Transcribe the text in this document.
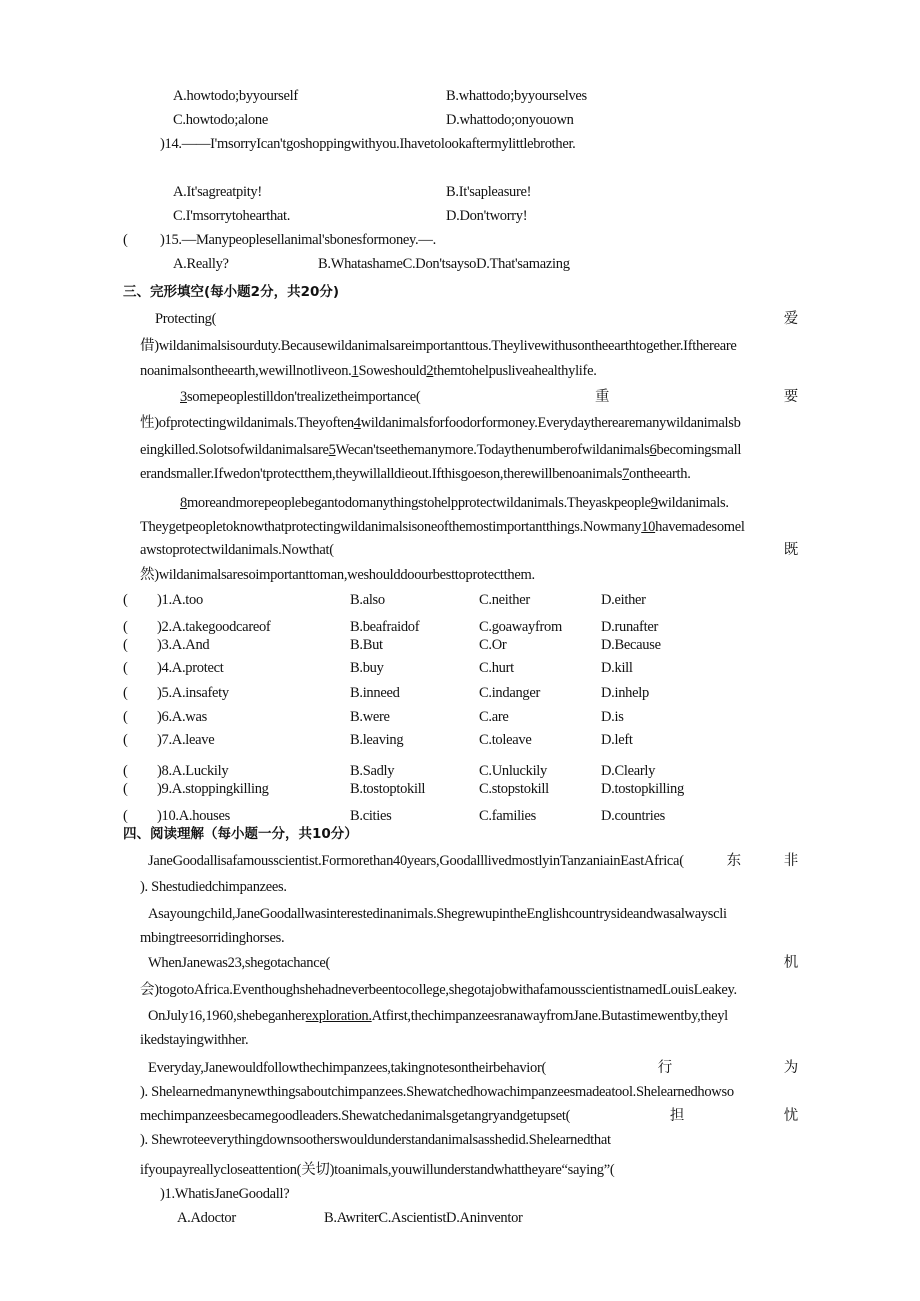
A.howtodo;byyourself	B.whattodo;byyourselves
C.howtodo;alone	D.whattodo;onyouown
)14.——I'msorryIcan'tgoshoppingwithyou.Ihavetolookaftermylittlebrother.
A.It'sagreatpity!	B.It'sapleasure!
C.I'msorrytohearthat.	D.Don'tworry!
( )15.—Manypeoplesellanimal'sbonesformoney.—.
A.Really?	B.WhatashameC.Don'tsaysoD.That'samazing
三、完形填空(每小题2分，共20分)
Protecting(	爱
借)wildanimalsisourduty.Becausewildanimalsareimportanttous.Theylivewithusontheearthtogether.Ifthereare
noanimalsontheearth,wewillnotliveon.1Soweshould2themtohelpusliveahealthylife.
3somepeoplestilldon'trealizetheimportance(	重	要
性)ofprotectingwildanimals.Theyoften4wildanimalsforfoodorformoney.Everydaytherearemanywildanimalsb
eingkilled.Solotsofwildanimalsare5Wecan'tseethemanymore.Todaythenumberofwildanimals6becomingsmall
erandsmaller.Ifwedon'tprotectthem,theywillalldieout.Ifthisgoeson,therewillbenoanimals7ontheearth.
8moreandmorepeoplebegantodomanythingstohelpprotectwildanimals.Theyaskpeople9wildanimals.
Theygetpeopletoknowthatprotectingwildanimalsisoneofthemostimportantthings.Nowmany10havemadesomel
awstoprotectwildanimals.Nowthat(	既
然)wildanimalsaresoimportanttoman,weshoulddoourbesttoprotectthem.
( )1.A.too	B.also	C.neither	D.either
( )2.A.takegoodcareof	B.beafraidof	C.goawayfrom	D.runafter
( )3.A.And	B.But	C.Or	D.Because
( )4.A.protect	B.buy	C.hurt	D.kill
( )5.A.insafety	B.inneed	C.indanger	D.inhelp
( )6.A.was	B.were	C.are	D.is
( )7.A.leave	B.leaving	C.toleave	D.left
( )8.A.Luckily	B.Sadly	C.Unluckily	D.Clearly
( )9.A.stoppingkilling	B.tostoptokill	C.stopstokill	D.tostopkilling
( )10.A.houses	B.cities	C.families	D.countries
四、阅读理解（每小题一分，共10分）
JaneGoodallisafamousscientist.Formorethan40years,GoodalllivedmostlyinTanzaniainEastAfrica(	东	非
). Shestudiedchimpanzees.
Asayoungchild,JaneGoodallwasinterestedinanimals.ShegrewupintheEnglishcountrysideandwasalwayscli
mbingtreesorridinghorses.
WhenJanewas23,shegotachance(	机
会)togotoAfrica.Eventhoughshehadneverbeentocollege,shegotajobwithafamousscientistnamedLouisLeakey.
OnJuly16,1960,shebeganherexploration.Atfirst,thechimpanzeesranawayfromJane.Butastimewentby,theyl
ikedstayingwithher.
Everyday,Janewouldfollowthechimpanzees,takingnotesontheirbehavior(	行	为
). Shelearnedmanynewthingsaboutchimpanzees.Shewatchedhowachimpanzeesmadeatool.Shelearnedhowso
mechimpanzeesbecamegoodleaders.Shewatchedanimalsgetangryandgetupset(	担	忧
). Shewroteeverythingdownsootherswouldunderstandanimalsasshedid.Shelearnedthat
ifyoupayreallycloseattention(关切)toanimals,youwillunderstandwhattheyare“saying”(
)1.WhatisJaneGoodall?
A.Adoctor	B.AwriterC.AscientistD.Aninventor
